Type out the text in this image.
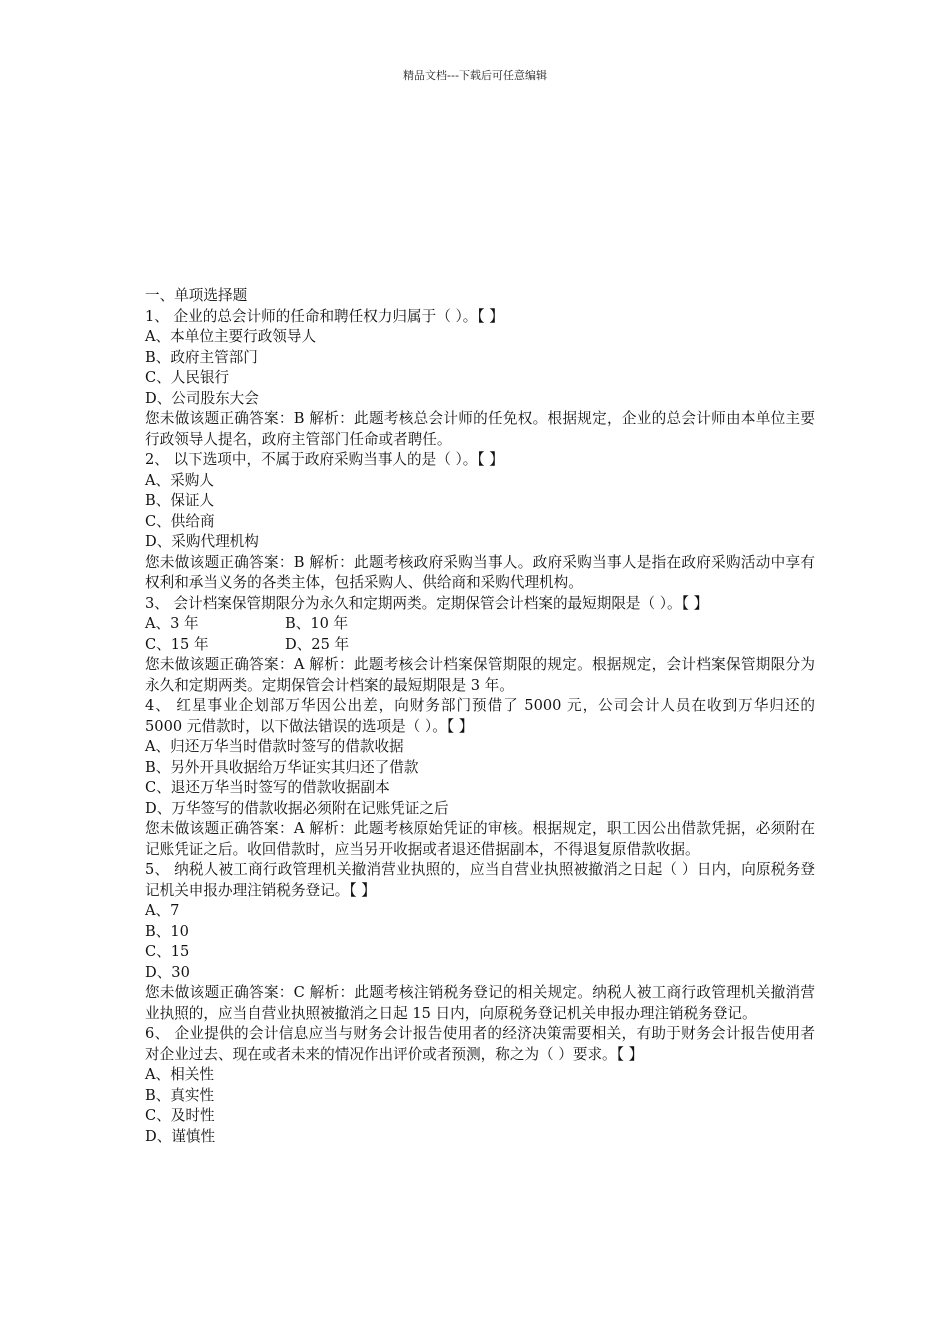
精品文档---下载后可任意编辑
一、单项选择题
1、 企业的总会计师的任命和聘任权力归属于（ ）。【 】
A、本单位主要行政领导人
B、政府主管部门
C、人民银行
D、公司股东大会
您未做该题正确答案：B 解析：此题考核总会计师的任免权。根据规定，企业的总会计师由本单位主要行政领导人提名，政府主管部门任命或者聘任。
2、 以下选项中，不属于政府采购当事人的是（ ）。【 】
A、采购人
B、保证人
C、供给商
D、采购代理机构
您未做该题正确答案：B 解析：此题考核政府采购当事人。政府采购当事人是指在政府采购活动中享有权利和承当义务的各类主体，包括采购人、供给商和采购代理机构。
3、 会计档案保管期限分为永久和定期两类。定期保管会计档案的最短期限是（ ）。【 】
A、3 年	B、10 年
C、15 年	D、25 年
您未做该题正确答案：A 解析：此题考核会计档案保管期限的规定。根据规定，会计档案保管期限分为永久和定期两类。定期保管会计档案的最短期限是 3 年。
4、 红星事业企划部万华因公出差，向财务部门预借了 5000 元，公司会计人员在收到万华归还的 5000 元借款时，以下做法错误的选项是（ ）。【 】
A、归还万华当时借款时签写的借款收据
B、另外开具收据给万华证实其归还了借款
C、退还万华当时签写的借款收据副本
D、万华签写的借款收据必须附在记账凭证之后
您未做该题正确答案：A 解析：此题考核原始凭证的审核。根据规定，职工因公出借款凭据，必须附在记账凭证之后。收回借款时，应当另开收据或者退还借据副本，不得退复原借款收据。
5、 纳税人被工商行政管理机关撤消营业执照的，应当自营业执照被撤消之日起（ ）日内，向原税务登记机关申报办理注销税务登记。【 】
A、7
B、10
C、15
D、30
您未做该题正确答案：C 解析：此题考核注销税务登记的相关规定。纳税人被工商行政管理机关撤消营业执照的，应当自营业执照被撤消之日起 15 日内，向原税务登记机关申报办理注销税务登记。
6、 企业提供的会计信息应当与财务会计报告使用者的经济决策需要相关，有助于财务会计报告使用者对企业过去、现在或者未来的情况作出评价或者预测，称之为（ ）要求。【 】
A、相关性
B、真实性
C、及时性
D、谨慎性
